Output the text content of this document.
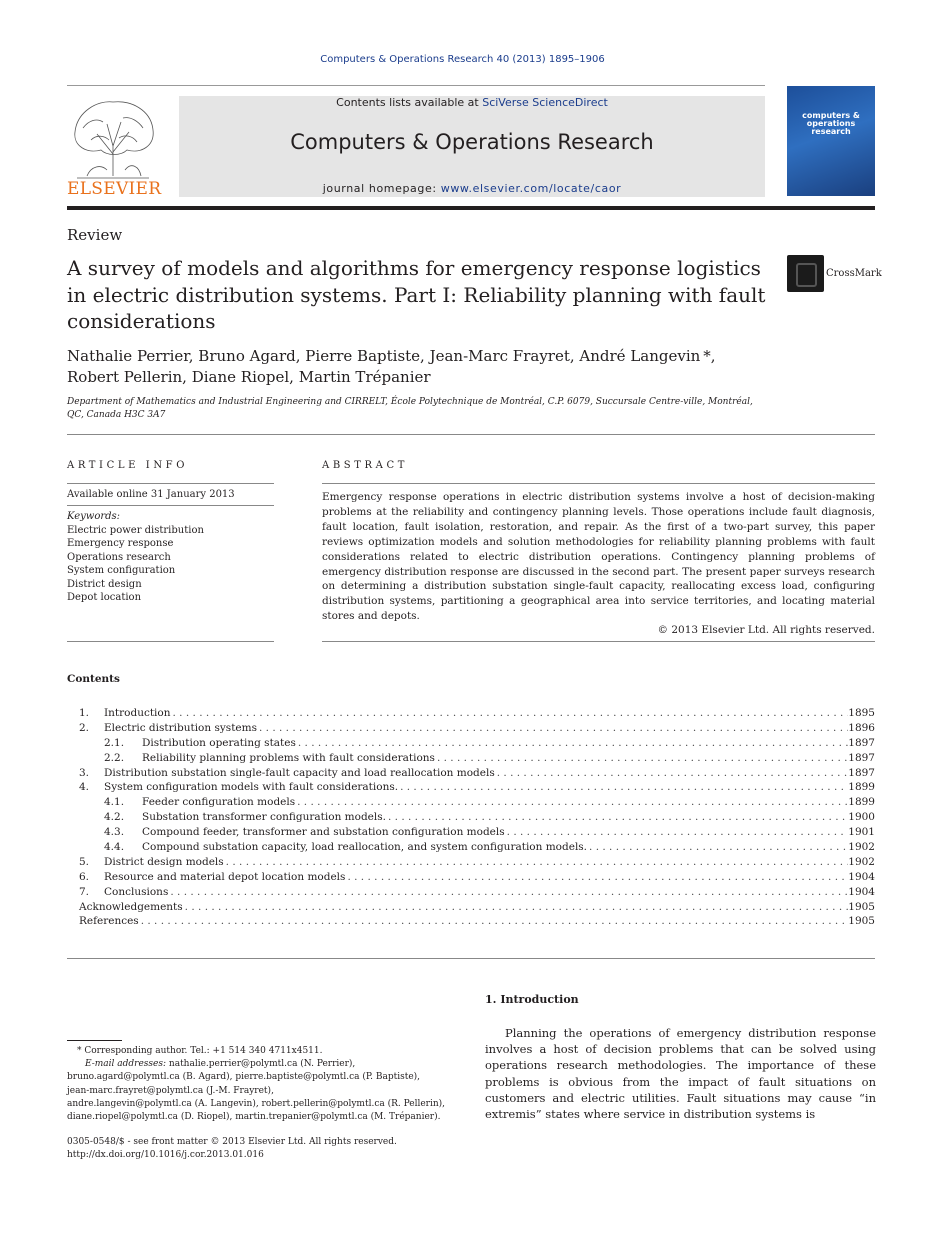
Computers & Operations Research 40 (2013) 1895–1906
ELSEVIER
Contents lists available at SciVerse ScienceDirect
Computers & Operations Research
journal homepage: www.elsevier.com/locate/caor
computers & operations research
Review
A survey of models and algorithms for emergency response logistics in electric distribution systems. Part I: Reliability planning with fault considerations
CrossMark
Nathalie Perrier, Bruno Agard, Pierre Baptiste, Jean-Marc Frayret, André Langevin *,
Robert Pellerin, Diane Riopel, Martin Trépanier
Department of Mathematics and Industrial Engineering and CIRRELT, École Polytechnique de Montréal, C.P. 6079, Succursale Centre-ville, Montréal, QC, Canada H3C 3A7
ARTICLE INFO	ABSTRACT
Available online 31 January 2013
Keywords:
Electric power distribution
Emergency response
Operations research
System configuration
District design
Depot location
Emergency response operations in electric distribution systems involve a host of decision-making problems at the reliability and contingency planning levels. Those operations include fault diagnosis, fault location, fault isolation, restoration, and repair. As the first of a two-part survey, this paper reviews optimization models and solution methodologies for reliability planning problems with fault considerations related to electric distribution operations. Contingency planning problems of emergency distribution response are discussed in the second part. The present paper surveys research on determining a distribution substation single-fault capacity, reallocating excess load, configuring distribution systems, partitioning a geographical area into service territories, and locating material stores and depots.
© 2013 Elsevier Ltd. All rights reserved.
Contents
1.	Introduction . . .	1895
2.	Electric distribution systems . . .	1896
2.1.	Distribution operating states . . .	1897
2.2.	Reliability planning problems with fault considerations . . .	1897
3.	Distribution substation single-fault capacity and load reallocation models . . .	1897
4.	System configuration models with fault considerations. . . .	1899
4.1.	Feeder configuration models . . .	1899
4.2.	Substation transformer configuration models. . . .	1900
4.3.	Compound feeder, transformer and substation configuration models . . .	1901
4.4.	Compound substation capacity, load reallocation, and system configuration models. . . .	1902
5.	District design models . . .	1902
6.	Resource and material depot location models . . .	1904
7.	Conclusions . . .	1904
Acknowledgements . . .	1905
References . . .	1905
* Corresponding author. Tel.: +1 514 340 4711x4511.
E-mail addresses: nathalie.perrier@polymtl.ca (N. Perrier),
bruno.agard@polymtl.ca (B. Agard), pierre.baptiste@polymtl.ca (P. Baptiste),
jean-marc.frayret@polymtl.ca (J.-M. Frayret),
andre.langevin@polymtl.ca (A. Langevin), robert.pellerin@polymtl.ca (R. Pellerin),
diane.riopel@polymtl.ca (D. Riopel), martin.trepanier@polymtl.ca (M. Trépanier).
0305-0548/$ - see front matter © 2013 Elsevier Ltd. All rights reserved.
http://dx.doi.org/10.1016/j.cor.2013.01.016
1. Introduction
Planning the operations of emergency distribution response involves a host of decision problems that can be solved using operations research methodologies. The importance of these problems is obvious from the impact of fault situations on customers and electric utilities. Fault situations may cause “in extremis” states where service in distribution systems is
